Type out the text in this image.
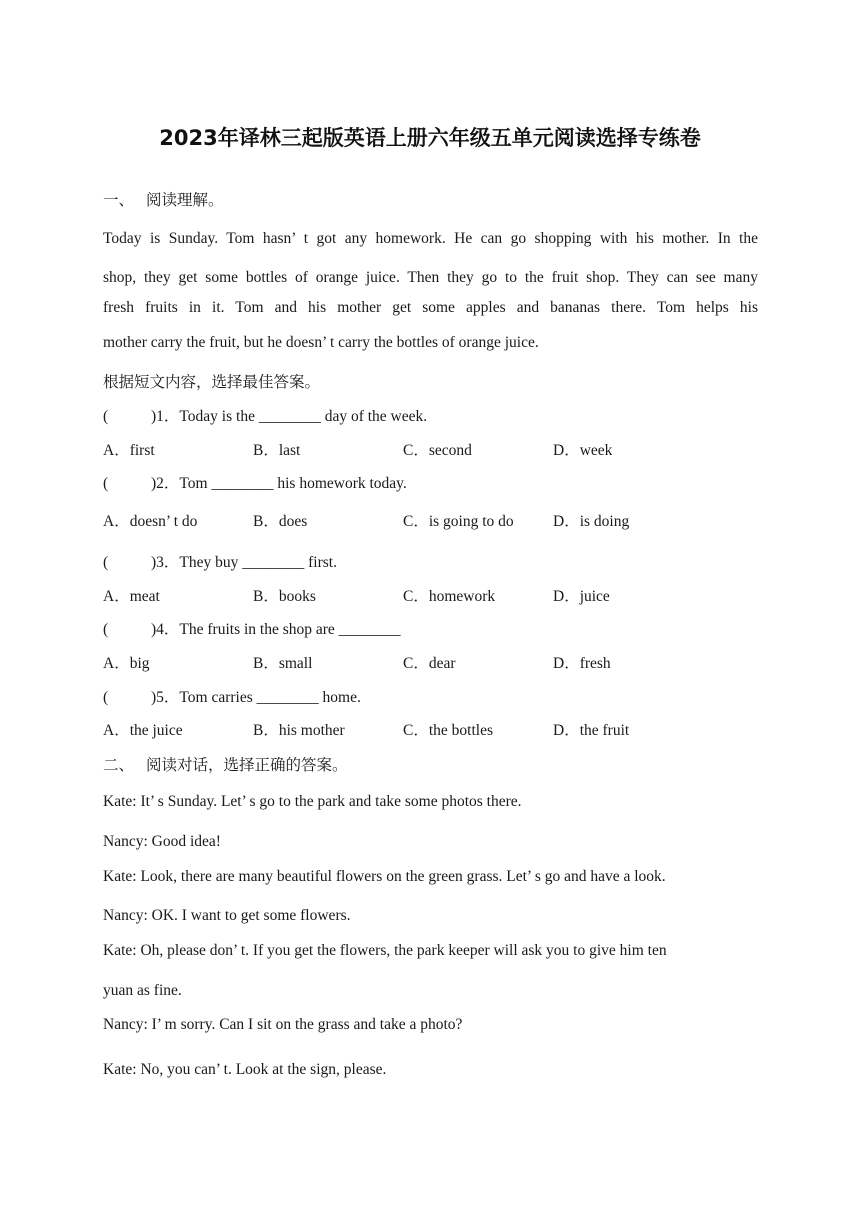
2023年译林三起版英语上册六年级五单元阅读选择专练卷
一、 阅读理解。
Today is Sunday. Tom hasn’ t got any homework. He can go shopping with his mother. In the
shop, they get some bottles of orange juice. Then they go to the fruit shop. They can see many
fresh fruits in it. Tom and his mother get some apples and bananas there. Tom helps his
mother carry the fruit, but he doesn’ t carry the bottles of orange juice.
根据短文内容，选择最佳答案。
(	)1．Today is the ________ day of the week.
A．first	B．last	C．second	D．week
(	)2．Tom ________ his homework today.
A．doesn’ t do	B．does	C．is going to do	D．is doing
(	)3．They buy ________ first.
A．meat	B．books	C．homework	D．juice
(	)4．The fruits in the shop are ________
A．big	B．small	C．dear	D．fresh
(	)5．Tom carries ________ home.
A．the juice	B．his mother	C．the bottles	D．the fruit
二、 阅读对话，选择正确的答案。
Kate: It’ s Sunday. Let’ s go to the park and take some photos there.
Nancy: Good idea!
Kate: Look, there are many beautiful flowers on the green grass. Let’ s go and have a look.
Nancy: OK. I want to get some flowers.
Kate: Oh, please don’ t. If you get the flowers, the park keeper will ask you to give him ten
yuan as fine.
Nancy: I’ m sorry. Can I sit on the grass and take a photo?
Kate: No, you can’ t. Look at the sign, please.
